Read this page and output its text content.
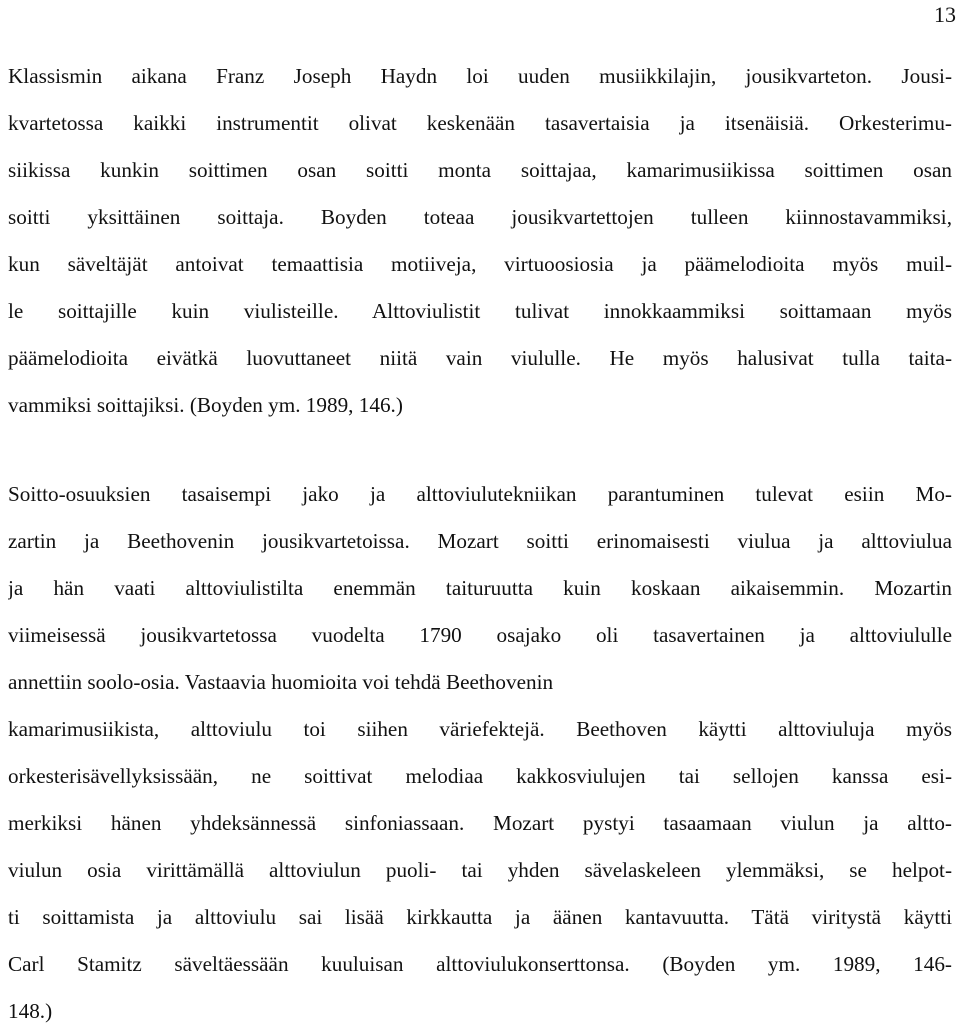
13
Klassismin aikana Franz Joseph Haydn loi uuden musiikkilajin, jousikvarteton. Jousi-
kvartetossa kaikki instrumentit olivat keskenään tasavertaisia ja itsenäisiä. Orkesterimu-
siikissa kunkin soittimen osan soitti monta soittajaa, kamarimusiikissa soittimen osan
soitti yksittäinen soittaja. Boyden toteaa jousikvartettojen tulleen kiinnostavammiksi,
kun säveltäjät antoivat temaattisia motiiveja, virtuoosiosia ja päämelodioita myös muil-
le soittajille kuin viulisteille. Alttoviulistit tulivat innokkaammiksi soittamaan myös
päämelodioita eivätkä luovuttaneet niitä vain viululle. He myös halusivat tulla taita-
vammiksi soittajiksi. (Boyden ym. 1989, 146.)
Soitto-osuuksien tasaisempi jako ja alttoviulutekniikan parantuminen tulevat esiin Mo-
zartin ja Beethovenin jousikvartetoissa. Mozart soitti erinomaisesti viulua ja alttoviulua
ja hän vaati alttoviulistilta enemmän taituruutta kuin koskaan aikaisemmin. Mozartin
viimeisessä jousikvartetossa vuodelta 1790 osajako oli tasavertainen ja alttoviululle
annettiin soolo-osia. Vastaavia huomioita voi tehdä Beethovenin
kamarimusiikista, alttoviulu toi siihen väriefektejä. Beethoven käytti alttoviuluja myös
orkesterisävellyksissään, ne soittivat melodiaa kakkosviulujen tai sellojen kanssa esi-
merkiksi hänen yhdeksännessä sinfoniassaan. Mozart pystyi tasaamaan viulun ja altto-
viulun osia virittämällä alttoviulun puoli- tai yhden sävelaskeleen ylemmäksi, se helpot-
ti soittamista ja alttoviulu sai lisää kirkkautta ja äänen kantavuutta. Tätä viritystä käytti
Carl Stamitz säveltäessään kuuluisan alttoviulukonserttonsa. (Boyden ym. 1989, 146-
148.)
